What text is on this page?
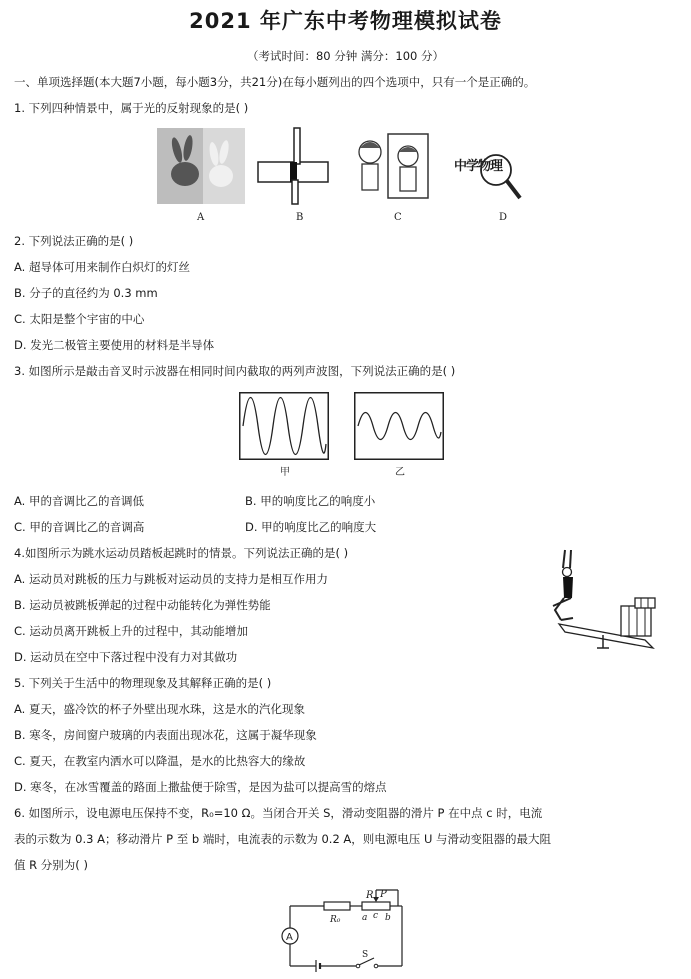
2021 年广东中考物理模拟试卷
（考试时间：80 分钟 满分：100 分）
一、单项选择题(本大题7小题，每小题3分，共21分)在每小题列出的四个选项中，只有一个是正确的。
1. 下列四种情景中，属于光的反射现象的是( )
中学物理
A	B	C	D
2. 下列说法正确的是( )
A. 超导体可用来制作白炽灯的灯丝
B. 分子的直径约为 0.3 mm
C. 太阳是整个宇宙的中心
D. 发光二极管主要使用的材料是半导体
3. 如图所示是敲击音叉时示波器在相同时间内截取的两列声波图，下列说法正确的是( )
甲	乙
A. 甲的音调比乙的音调低	B. 甲的响度比乙的响度小
C. 甲的音调比乙的音调高	D. 甲的响度比乙的响度大
4.如图所示为跳水运动员踏板起跳时的情景。下列说法正确的是( )
A. 运动员对跳板的压力与跳板对运动员的支持力是相互作用力
B. 运动员被跳板弹起的过程中动能转化为弹性势能
C. 运动员离开跳板上升的过程中，其动能增加
D. 运动员在空中下落过程中没有力对其做功
5. 下列关于生活中的物理现象及其解释正确的是( )
A. 夏天，盛冷饮的杯子外壁出现水珠，这是水的汽化现象
B. 寒冬，房间窗户玻璃的内表面出现冰花，这属于凝华现象
C. 夏天，在教室内洒水可以降温，是水的比热容大的缘故
D. 寒冬，在冰雪覆盖的路面上撒盐便于除雪，是因为盐可以提高雪的熔点
6. 如图所示，设电源电压保持不变，R₀=10 Ω。当闭合开关 S，滑动变阻器的滑片 P 在中点 c 时，电流
表的示数为 0.3 A；移动滑片 P 至 b 端时，电流表的示数为 0.2 A，则电源电压 U 与滑动变阻器的最大阻
值 R 分别为( )
R P
R₀ a c b
A
S
